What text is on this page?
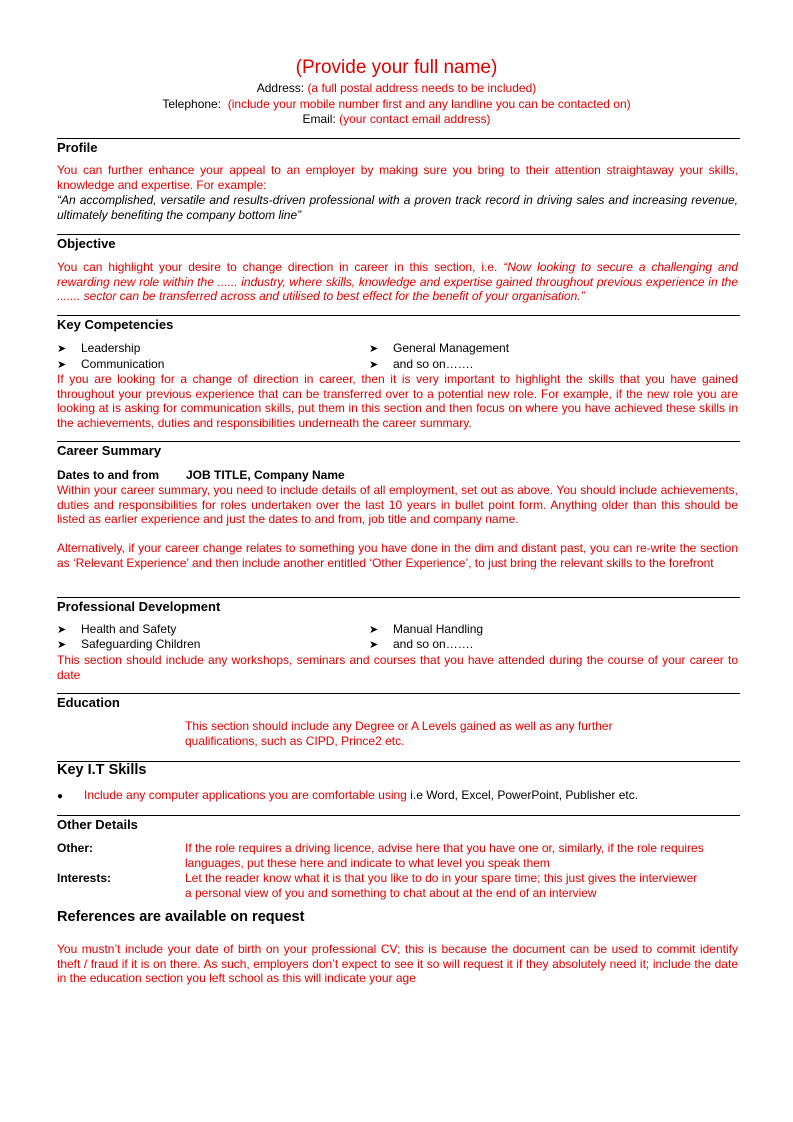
(Provide your full name)
Address: (a full postal address needs to be included)
Telephone: (include your mobile number first and any landline you can be contacted on)
Email: (your contact email address)
Profile
You can further enhance your appeal to an employer by making sure you bring to their attention straightaway your skills, knowledge and expertise. For example:
“An accomplished, versatile and results-driven professional with a proven track record in driving sales and increasing revenue, ultimately benefiting the company bottom line”
Objective
You can highlight your desire to change direction in career in this section, i.e. “Now looking to secure a challenging and rewarding new role within the ...... industry, where skills, knowledge and expertise gained throughout previous experience in the ....... sector can be transferred across and utilised to best effect for the benefit of your organisation.”
Key Competencies
➤ Leadership	➤ General Management
➤ Communication	➤ and so on…….
If you are looking for a change of direction in career, then it is very important to highlight the skills that you have gained throughout your previous experience that can be transferred over to a potential new role. For example, if the new role you are looking at is asking for communication skills, put them in this section and then focus on where you have achieved these skills in the achievements, duties and responsibilities underneath the career summary.
Career Summary
Dates to and from JOB TITLE, Company Name
Within your career summary, you need to include details of all employment, set out as above. You should include achievements, duties and responsibilities for roles undertaken over the last 10 years in bullet point form. Anything older than this should be listed as earlier experience and just the dates to and from, job title and company name.
Alternatively, if your career change relates to something you have done in the dim and distant past, you can re-write the section as ‘Relevant Experience’ and then include another entitled ‘Other Experience’, to just bring the relevant skills to the forefront
Professional Development
➤ Health and Safety	➤ Manual Handling
➤ Safeguarding Children	➤ and so on…….
This section should include any workshops, seminars and courses that you have attended during the course of your career to date
Education
This section should include any Degree or A Levels gained as well as any further qualifications, such as CIPD, Prince2 etc.
Key I.T Skills
● Include any computer applications you are comfortable using i.e Word, Excel, PowerPoint, Publisher etc.
Other Details
Other:	If the role requires a driving licence, advise here that you have one or, similarly, if the role requires languages, put these here and indicate to what level you speak them
Interests:	Let the reader know what it is that you like to do in your spare time; this just gives the interviewer a personal view of you and something to chat about at the end of an interview
References are available on request
You mustn’t include your date of birth on your professional CV; this is because the document can be used to commit identify theft / fraud if it is on there. As such, employers don’t expect to see it so will request it if they absolutely need it; include the date in the education section you left school as this will indicate your age
